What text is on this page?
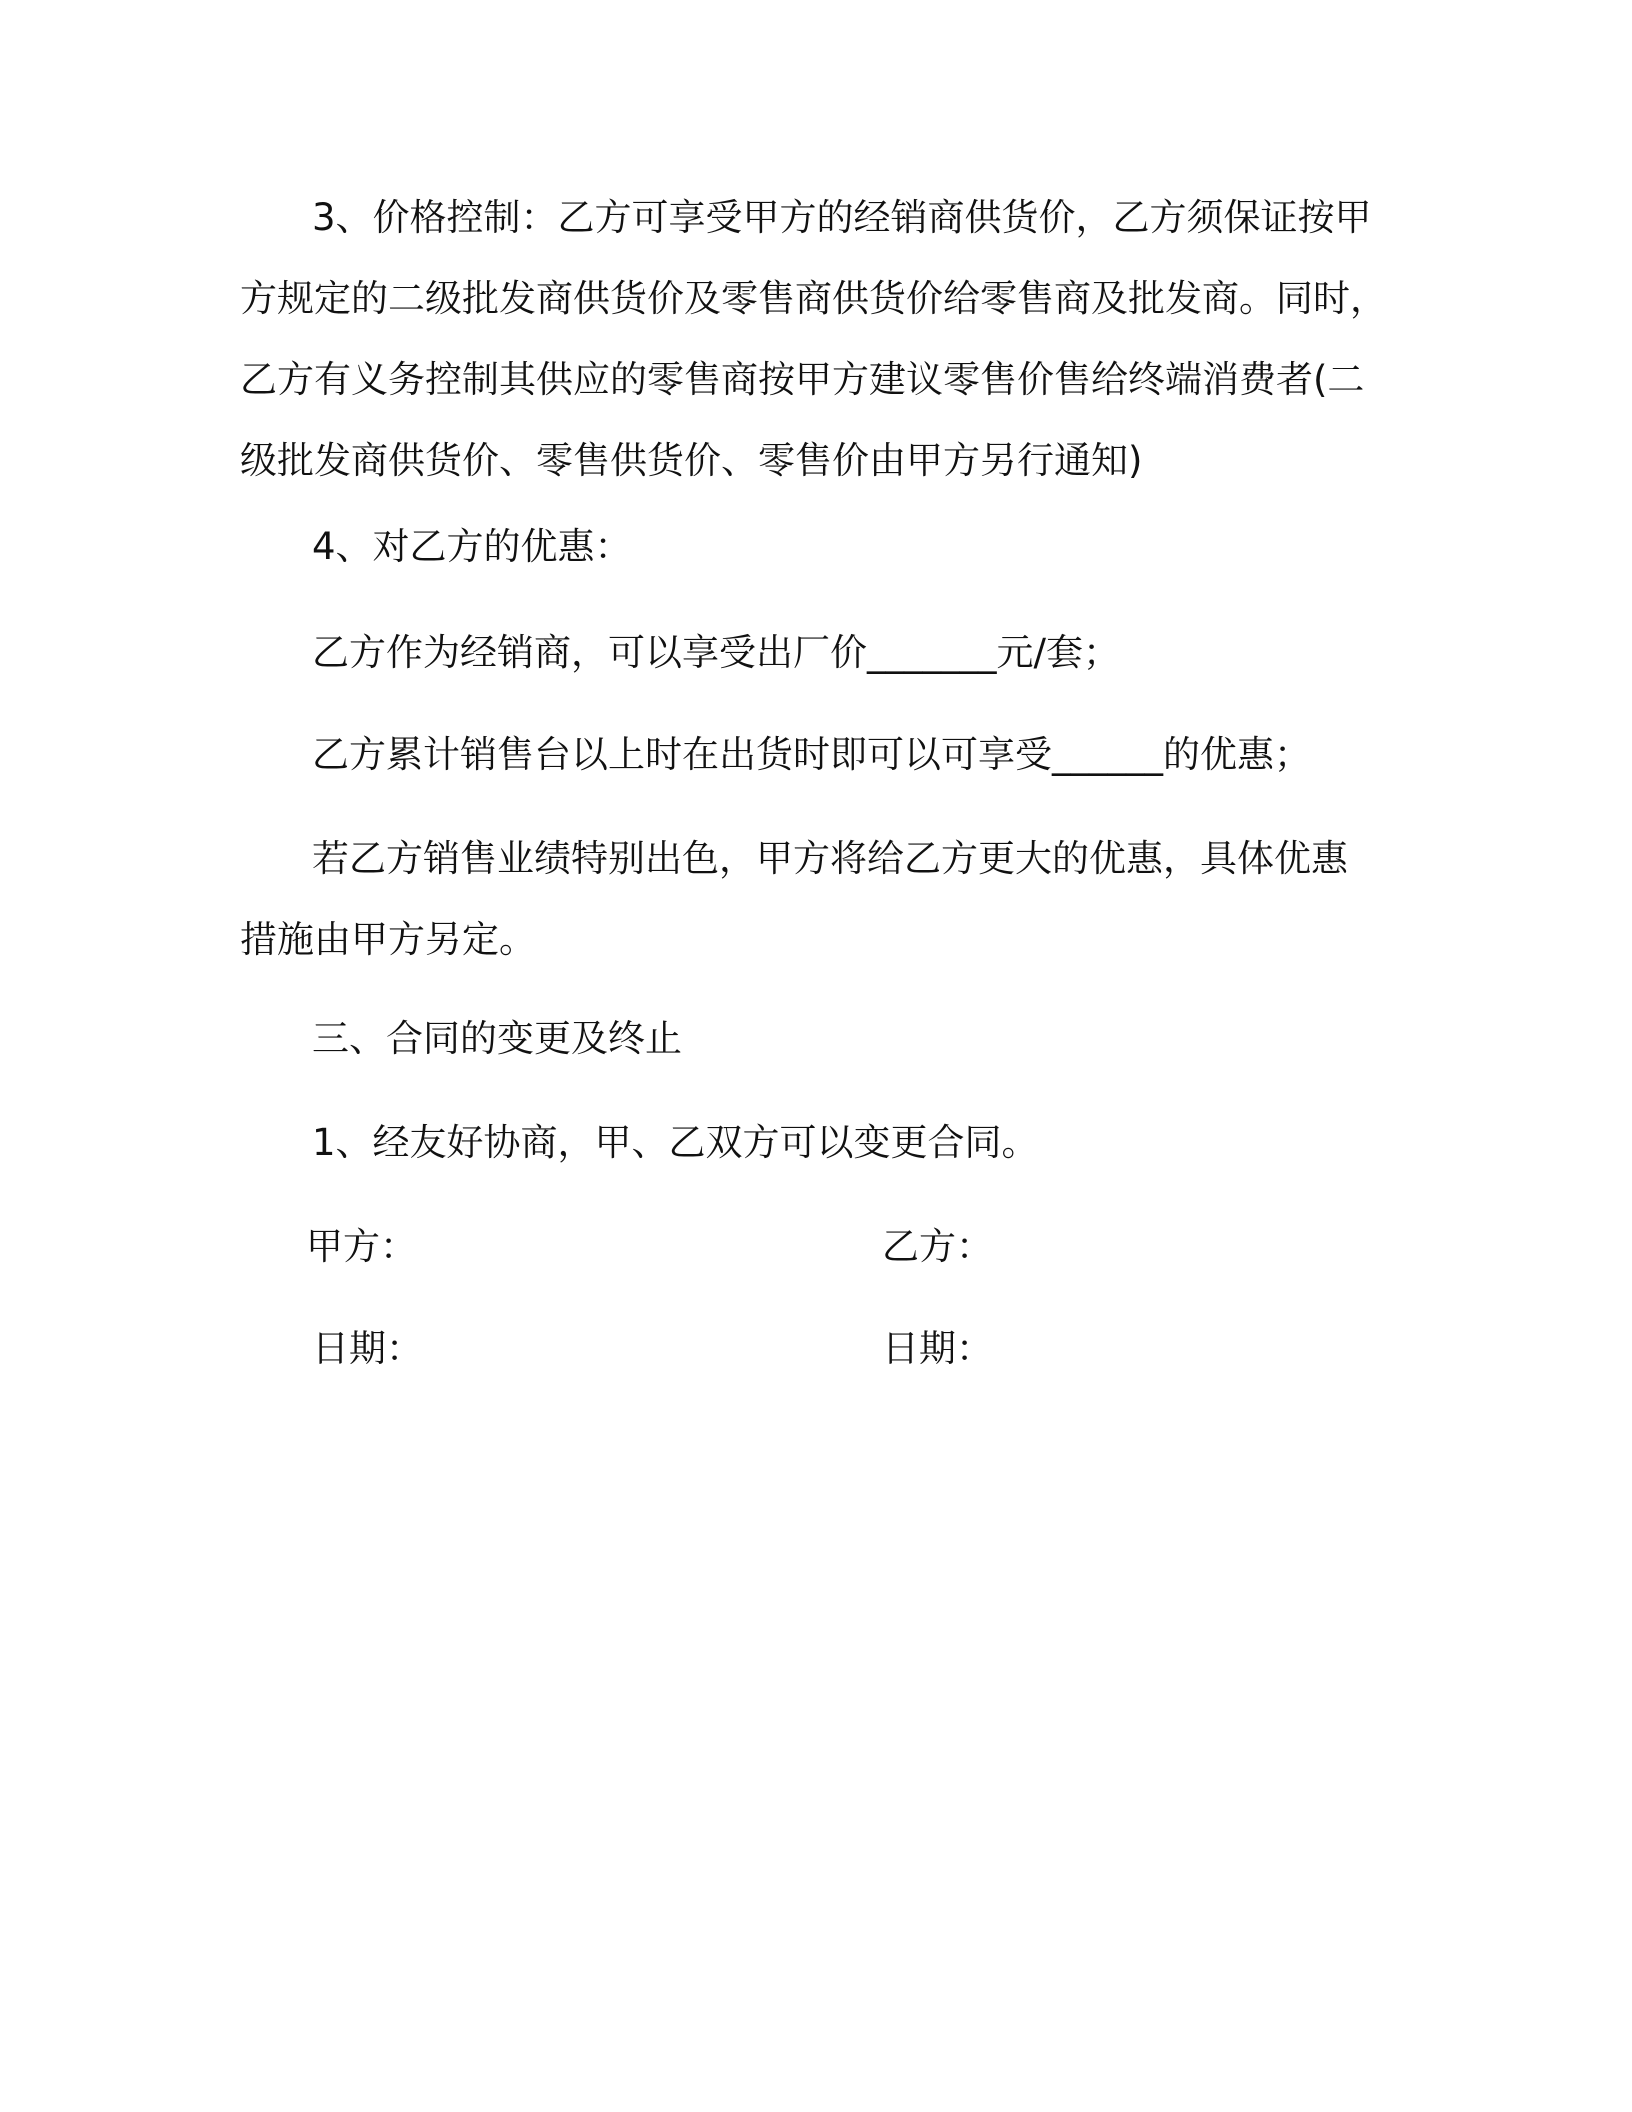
3、价格控制：乙方可享受甲方的经销商供货价，乙方须保证按甲
方规定的二级批发商供货价及零售商供货价给零售商及批发商。同时，
乙方有义务控制其供应的零售商按甲方建议零售价售给终端消费者(二
级批发商供货价、零售供货价、零售价由甲方另行通知)

4、对乙方的优惠：

乙方作为经销商，可以享受出厂价_______元/套；

乙方累计销售台以上时在出货时即可以可享受______的优惠；

若乙方销售业绩特别出色，甲方将给乙方更大的优惠，具体优惠
措施由甲方另定。

三、合同的变更及终止

1、经友好协商，甲、乙双方可以变更合同。

甲方：	乙方：

日期：	日期：
